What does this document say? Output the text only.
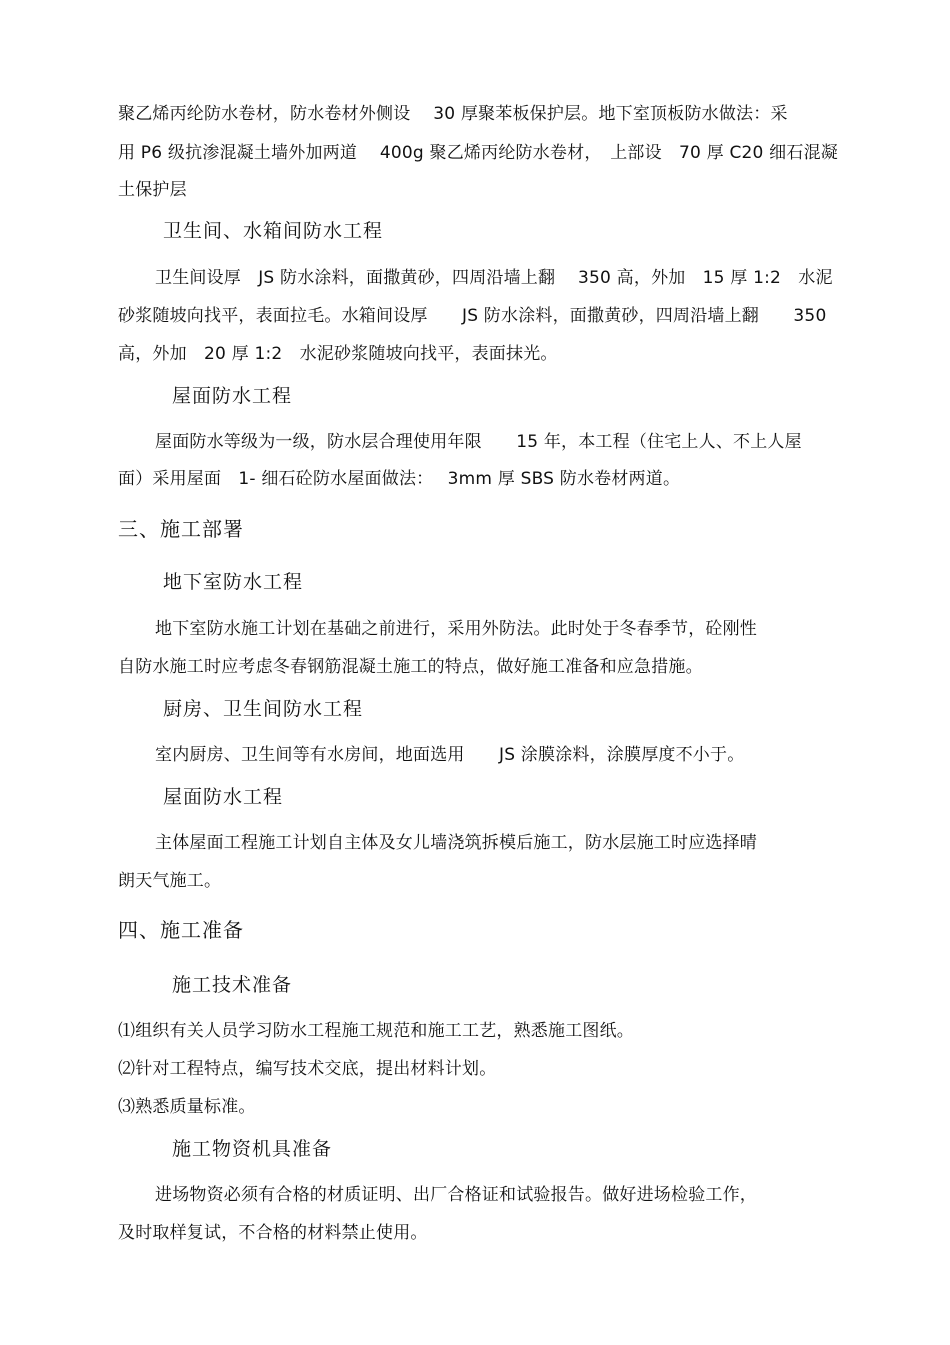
聚乙烯丙纶防水卷材，防水卷材外侧设　 30 厚聚苯板保护层。地下室顶板防水做法：采
用 P6 级抗渗混凝土墙外加两道　 400g 聚乙烯丙纶防水卷材，　上部设　70 厚 C20 细石混凝
土保护层
卫生间、水箱间防水工程
卫生间设厚　JS 防水涂料，面撒黄砂，四周沿墙上翻　 350 高，外加　15 厚 1:2　水泥
砂浆随坡向找平，表面拉毛。水箱间设厚　　JS 防水涂料，面撒黄砂，四周沿墙上翻　　350
高，外加　20 厚 1:2　水泥砂浆随坡向找平，表面抹光。
屋面防水工程
屋面防水等级为一级，防水层合理使用年限　　15 年，本工程（住宅上人、不上人屋
面）采用屋面　1- 细石砼防水屋面做法：　 3mm 厚 SBS 防水卷材两道。
三、施工部署
地下室防水工程
地下室防水施工计划在基础之前进行，采用外防法。此时处于冬春季节，砼刚性
自防水施工时应考虑冬春钢筋混凝土施工的特点，做好施工准备和应急措施。
厨房、卫生间防水工程
室内厨房、卫生间等有水房间，地面选用　　JS 涂膜涂料，涂膜厚度不小于。
屋面防水工程
主体屋面工程施工计划自主体及女儿墙浇筑拆模后施工，防水层施工时应选择晴
朗天气施工。
四、施工准备
施工技术准备
⑴组织有关人员学习防水工程施工规范和施工工艺，熟悉施工图纸。
⑵针对工程特点，编写技术交底，提出材料计划。
⑶熟悉质量标准。
施工物资机具准备
进场物资必须有合格的材质证明、出厂合格证和试验报告。做好进场检验工作，
及时取样复试，不合格的材料禁止使用。
